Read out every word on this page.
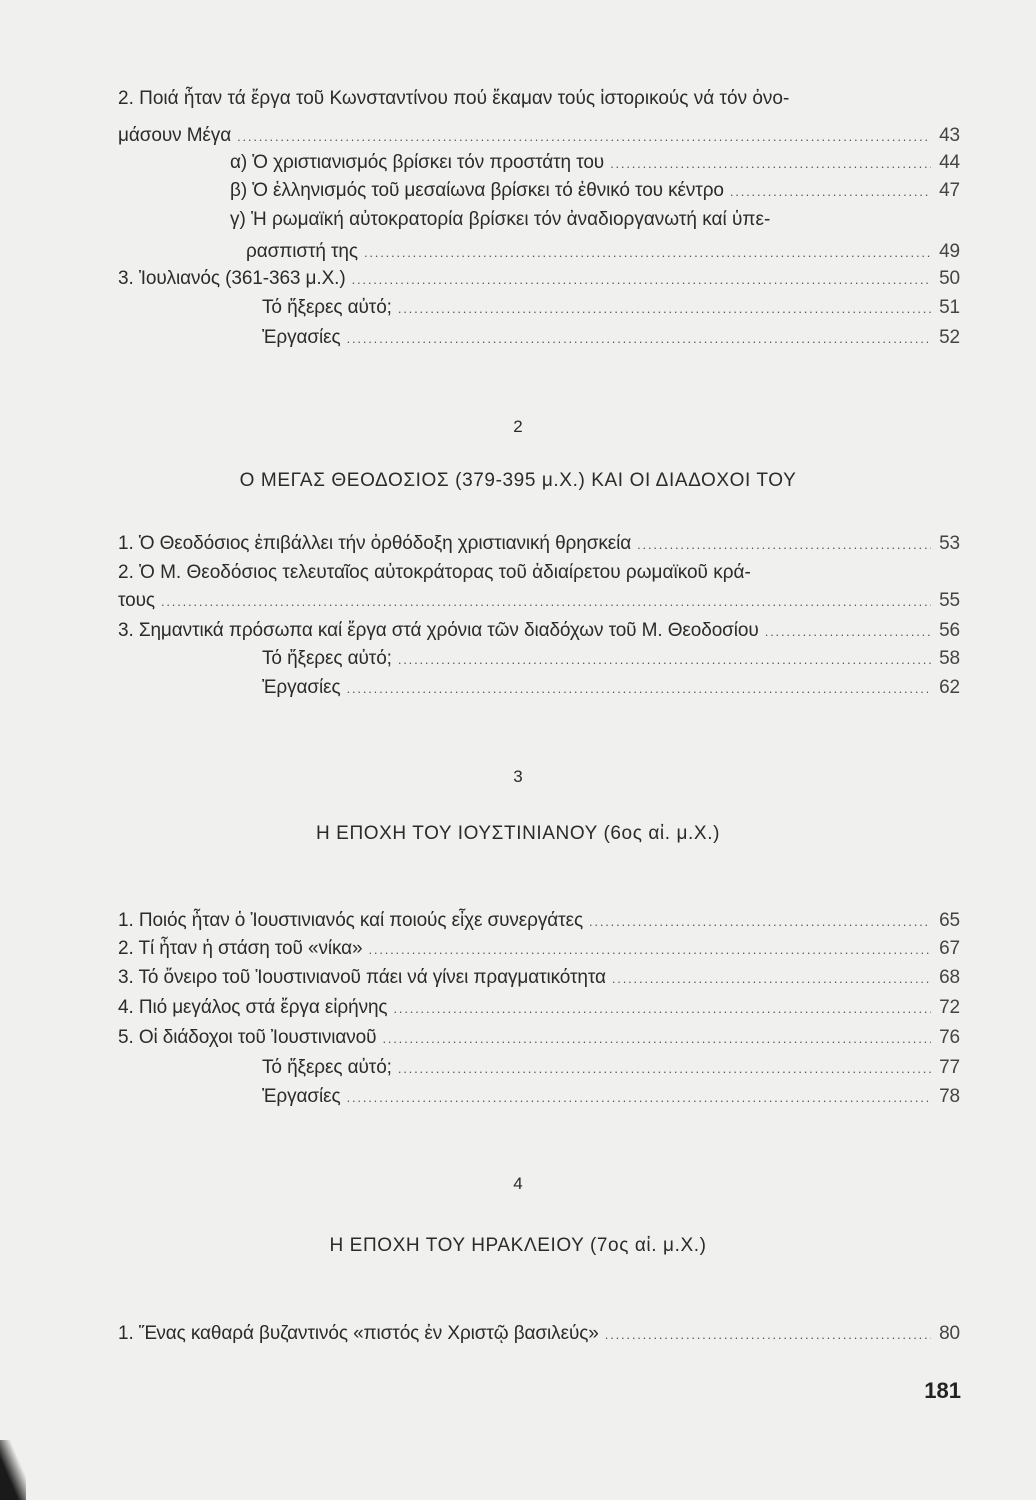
2. Ποιά ἦταν τά ἔργα τοῦ Κωνσταντίνου πού ἔκαμαν τούς ἱστορικούς νά τόν ὀνο-
μάσουν Μέγα .....	43
α) Ὁ χριστιανισμός βρίσκει τόν προστάτη του .....	44
β) Ὁ ἑλληνισμός τοῦ μεσαίωνα βρίσκει τό ἐθνικό του κέντρο .....	47
γ) Ἡ ρωμαϊκή αὐτοκρατορία βρίσκει τόν ἀναδιοργανωτή καί ὑπε-
ρασπιστή της .....	49
3. Ἰουλιανός (361-363 μ.Χ.) .....	50
Τό ἤξερες αὐτό; .....	51
Ἐργασίες .....	52
2
Ο ΜΕΓΑΣ ΘΕΟΔΟΣΙΟΣ (379-395 μ.Χ.) ΚΑΙ ΟΙ ΔΙΑΔΟΧΟΙ ΤΟΥ
1. Ὁ Θεοδόσιος ἐπιβάλλει τήν ὀρθόδοξη χριστιανική θρησκεία .....	53
2. Ὁ Μ. Θεοδόσιος τελευταῖος αὐτοκράτορας τοῦ ἀδιαίρετου ρωμαϊκοῦ κρά-
τους .....	55
3. Σημαντικά πρόσωπα καί ἔργα στά χρόνια τῶν διαδόχων τοῦ Μ. Θεοδοσίου .....	56
Τό ἤξερες αὐτό; .....	58
Ἐργασίες .....	62
3
Η ΕΠΟΧΗ ΤΟΥ ΙΟΥΣΤΙΝΙΑΝΟΥ (6ος αἰ. μ.Χ.)
1. Ποιός ἦταν ὁ Ἰουστινιανός καί ποιούς εἶχε συνεργάτες .....	65
2. Τί ἦταν ἡ στάση τοῦ «νίκα» .....	67
3. Τό ὄνειρο τοῦ Ἰουστινιανοῦ πάει νά γίνει πραγματικότητα .....	68
4. Πιό μεγάλος στά ἔργα εἰρήνης .....	72
5. Οἱ διάδοχοι τοῦ Ἰουστινιανοῦ .....	76
Τό ἤξερες αὐτό; .....	77
Ἐργασίες .....	78
4
Η ΕΠΟΧΗ ΤΟΥ ΗΡΑΚΛΕΙΟΥ (7ος αἰ. μ.Χ.)
1. Ἕνας καθαρά βυζαντινός «πιστός ἐν Χριστῷ βασιλεύς» .....	80
181
